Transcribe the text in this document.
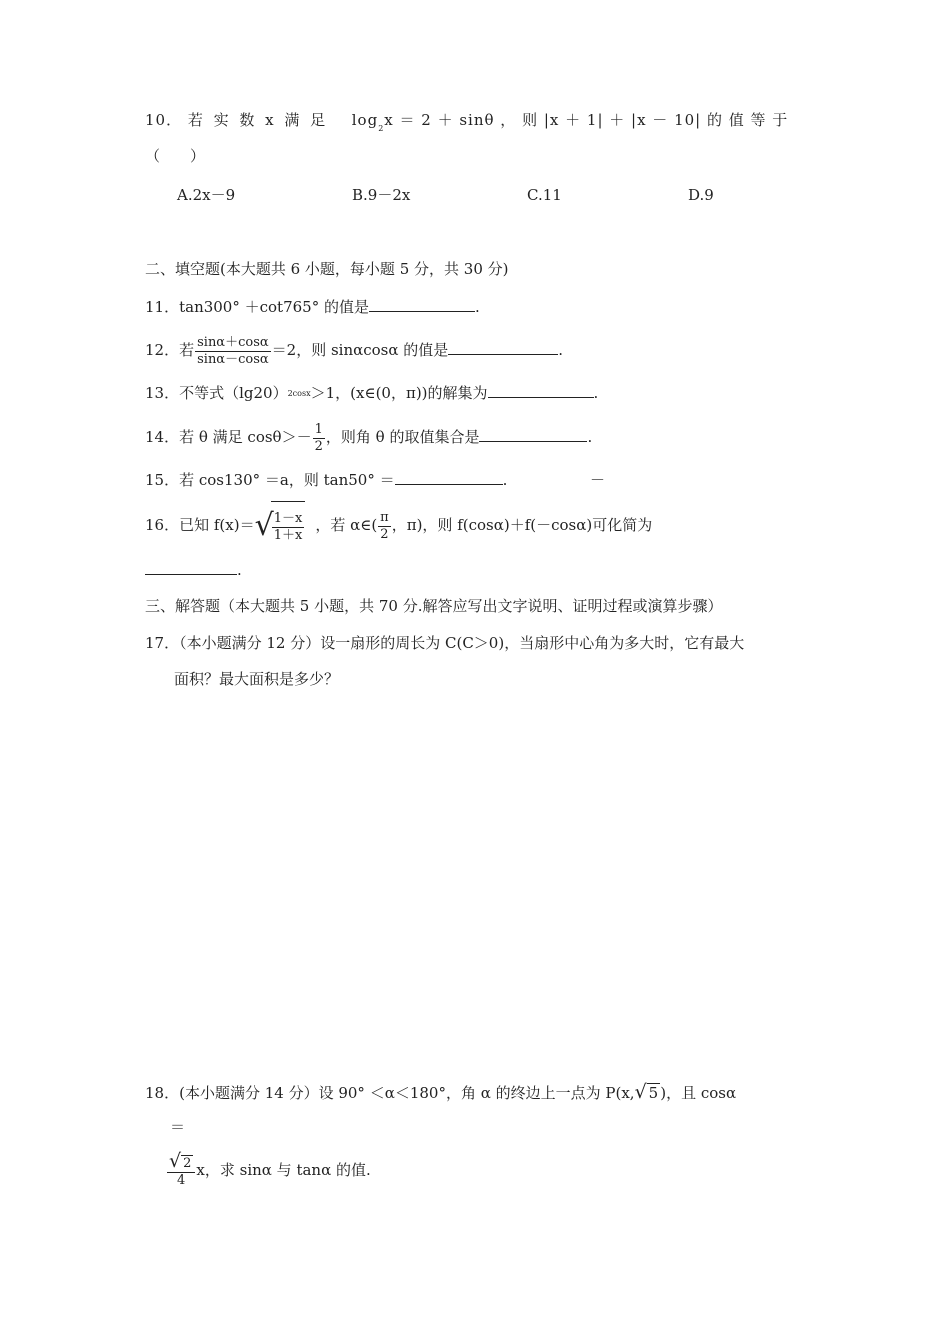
10． 若 实 数 x 满 足 $\log_2x = 2 + \sin\theta$ ， 则 |x ＋ 1| ＋ |x － 10| 的 值 等 于
（　　）
A.2x－9	B.9－2x	C.11	D.9
二、填空题(本大题共 6 小题，每小题 5 分，共 30 分)
11．tan300° ＋cot765° 的值是	.
12．若 $\frac{\sin\alpha+\cos\alpha}{\sin\alpha-\cos\alpha} =2$，则 sinαcosα 的值是	.
13．不等式（lg20）2cosx＞1，(x∈(0，π))的解集为	.
14．若 θ 满足 $\cos\theta>- \frac{1}{2}$ ，则角 θ 的取值集合是	.
15．若 cos130° ＝a，则 tan50° ＝	.	－
16．已知 f(x)＝√
$\frac{1-x}{1+x}$ ，若 α∈( $\frac{\pi}{2}$ ，π)，则 f(cosα)＋f(－cosα)可化简为
.
三、解答题（本大题共 5 小题，共 70 分.解答应写出文字说明、证明过程或演算步骤）
17．（本小题满分 12 分）设一扇形的周长为 C(C＞0)，当扇形中心角为多大时，它有最大
面积？最大面积是多少？
18．(本小题满分 14 分）设 90° ＜α＜180°，角 α 的终边上一点为 P(x,√ 5 )，且 cosα
＝
$\frac{√ 2}{4}$ x，求 sinα 与 tanα 的值.
